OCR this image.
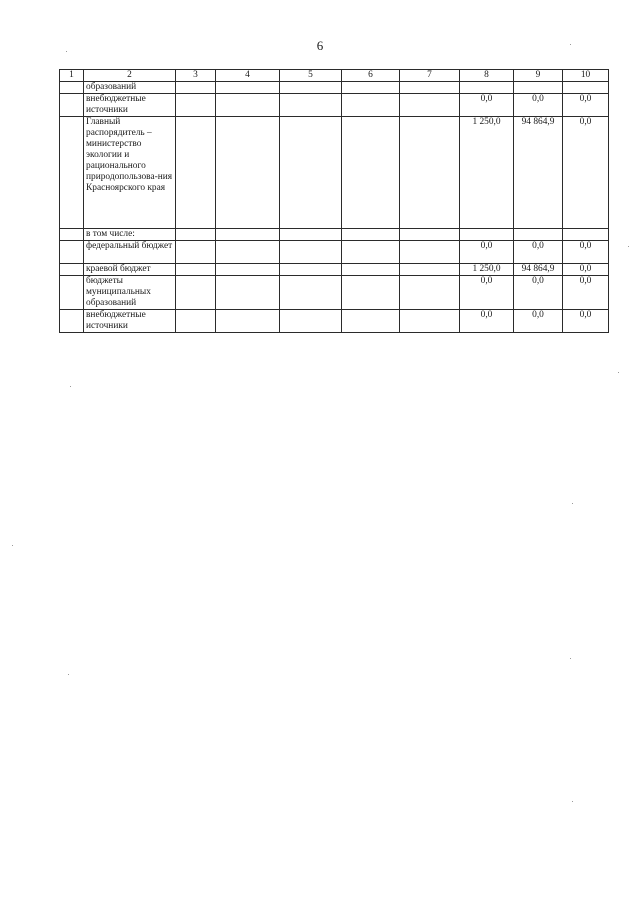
6
1	2	3	4	5	6	7	8	9	10
	образований								
	внебюджетные источники						0,0	0,0	0,0
	Главный распорядитель – министерство экологии и рационального природопользова-ния Красноярского края						1 250,0	94 864,9	0,0
	в том числе:								
	федеральный бюджет						0,0	0,0	0,0
	краевой бюджет						1 250,0	94 864,9	0,0
	бюджеты муниципальных образований						0,0	0,0	0,0
	внебюджетные источники						0,0	0,0	0,0
